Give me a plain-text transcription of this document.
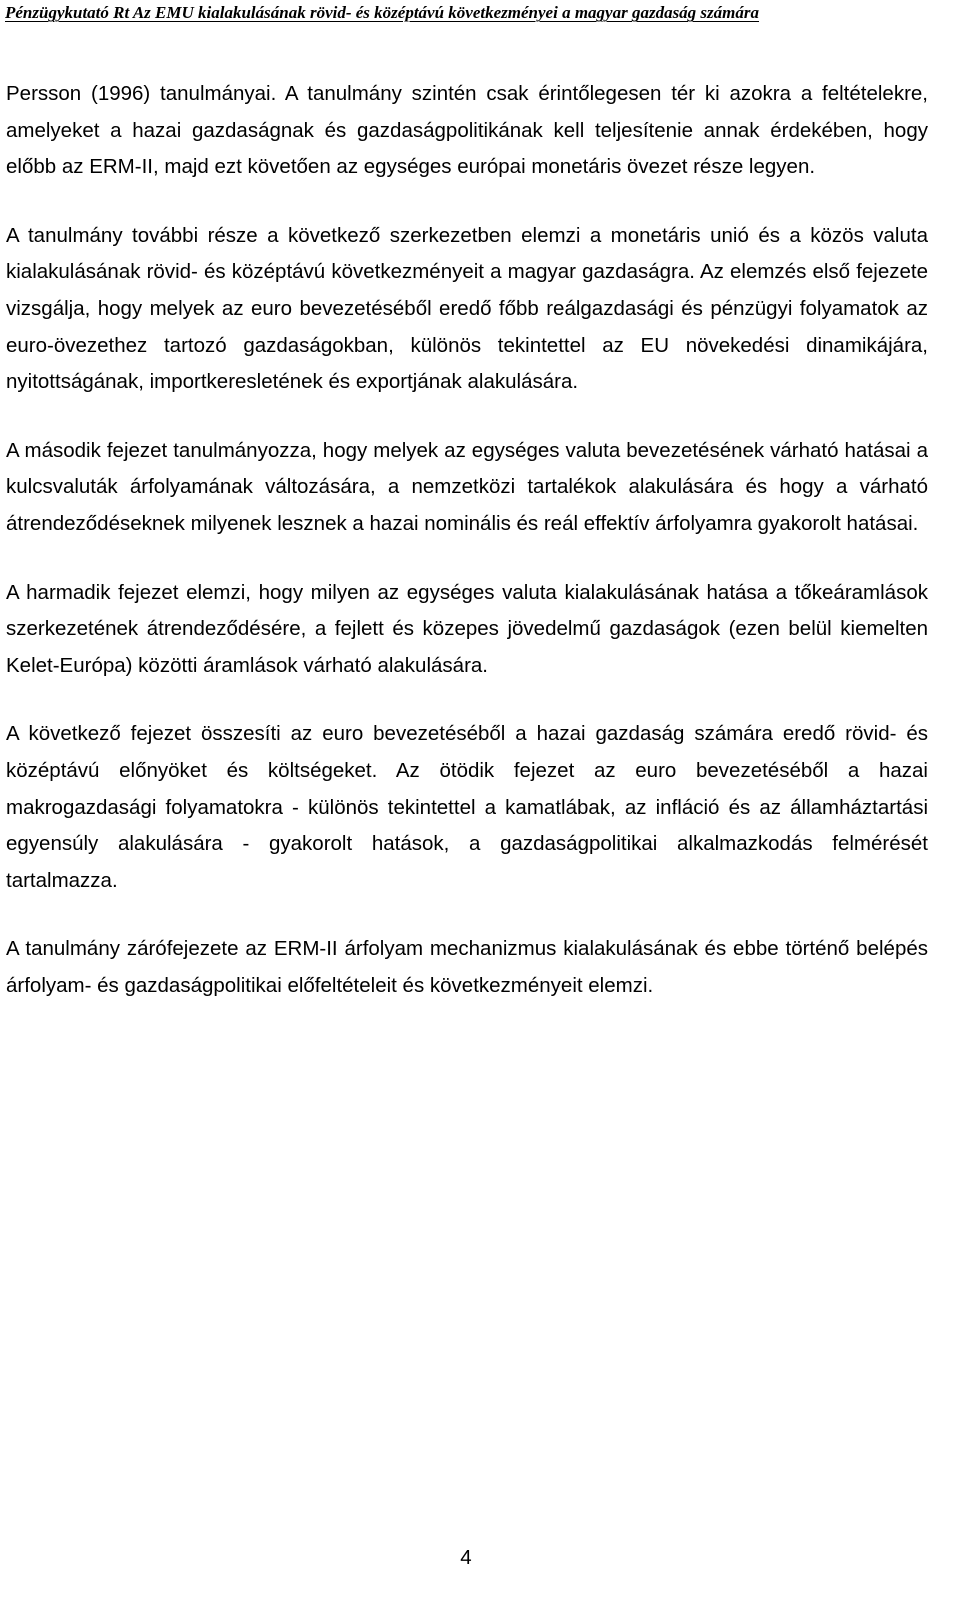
Pénzügykutató Rt Az EMU kialakulásának rövid- és középtávú következményei a magyar gazdaság számára

Persson (1996) tanulmányai. A tanulmány szintén csak érintőlegesen tér ki azokra a feltételekre, amelyeket a hazai gazdaságnak és gazdaságpolitikának kell teljesítenie annak érdekében, hogy előbb az ERM-II, majd ezt követően az egységes európai monetáris övezet része legyen.

A tanulmány további része a következő szerkezetben elemzi a monetáris unió és a közös valuta kialakulásának rövid- és középtávú következményeit a magyar gazdaságra. Az elemzés első fejezete vizsgálja, hogy melyek az euro bevezetéséből eredő főbb reálgazdasági és pénzügyi folyamatok az euro-övezethez tartozó gazdaságokban, különös tekintettel az EU növekedési dinamikájára, nyitottságának, importkeresletének és exportjának alakulására.

A második fejezet tanulmányozza, hogy melyek az egységes valuta bevezetésének várható hatásai a kulcsvaluták árfolyamának változására, a nemzetközi tartalékok alakulására és hogy a várható átrendeződéseknek milyenek lesznek a hazai nominális és reál effektív árfolyamra gyakorolt hatásai.

A harmadik fejezet elemzi, hogy milyen az egységes valuta kialakulásának hatása a tőkeáramlások szerkezetének átrendeződésére, a fejlett és közepes jövedelmű gazdaságok (ezen belül kiemelten Kelet-Európa) közötti áramlások várható alakulására.

A következő fejezet összesíti az euro bevezetéséből a hazai gazdaság számára eredő rövid- és középtávú előnyöket és költségeket. Az ötödik fejezet az euro bevezetéséből a hazai makrogazdasági folyamatokra - különös tekintettel a kamatlábak, az infláció és az államháztartási egyensúly alakulására - gyakorolt hatások, a gazdaságpolitikai alkalmazkodás felmérését tartalmazza.

A tanulmány zárófejezete az ERM-II árfolyam mechanizmus kialakulásának és ebbe történő belépés árfolyam- és gazdaságpolitikai előfeltételeit és következményeit elemzi.

4
